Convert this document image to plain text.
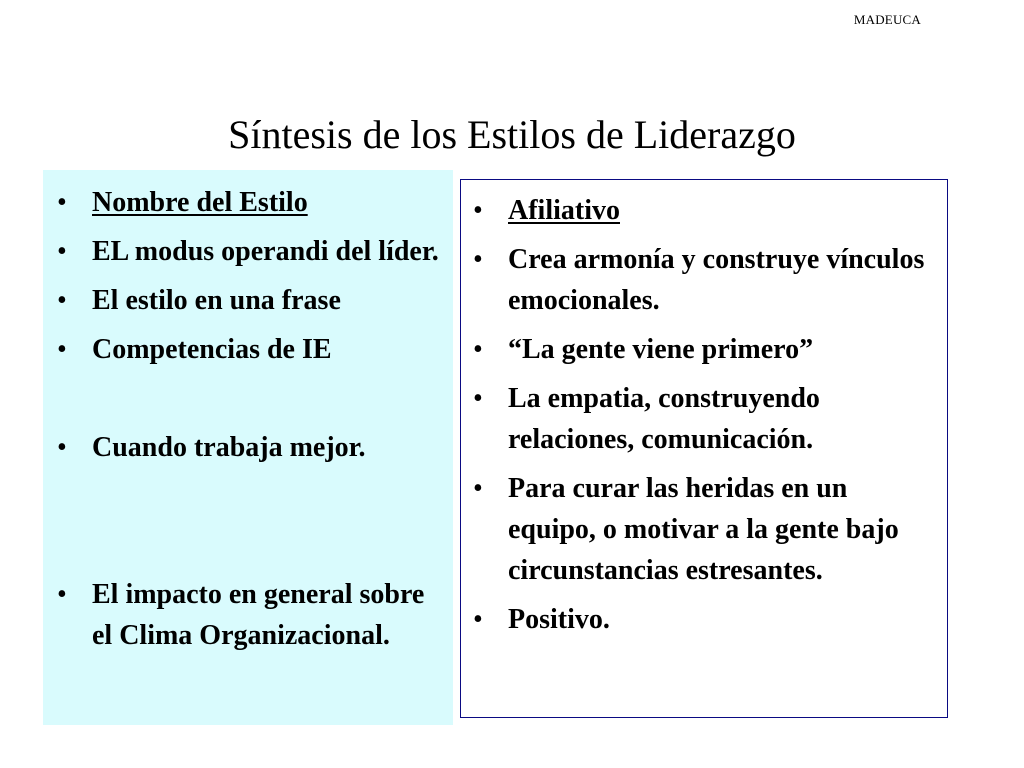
MADEUCA
Síntesis de los Estilos de Liderazgo
• Nombre del Estilo
• EL modus operandi del líder.
• El estilo en una frase
• Competencias de IE
• Cuando trabaja mejor.
• El impacto en general sobre el Clima Organizacional.
• Afiliativo
• Crea armonía y construye vínculos emocionales.
• “La gente viene primero”
• La empatia, construyendo relaciones, comunicación.
• Para curar las heridas en un equipo, o motivar a la gente bajo circunstancias estresantes.
• Positivo.
